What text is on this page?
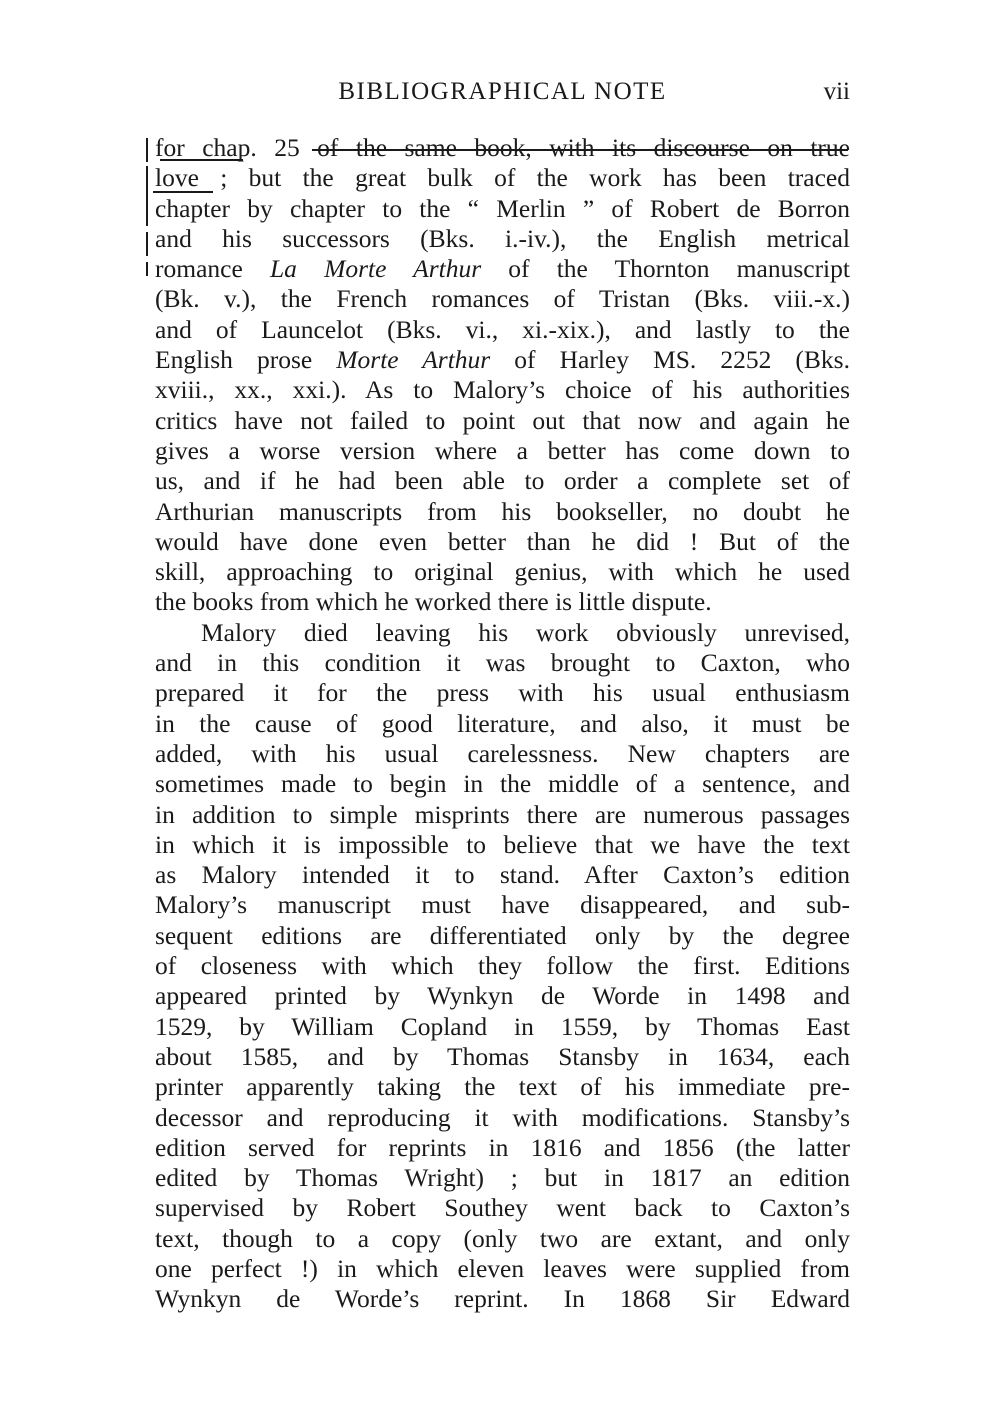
BIBLIOGRAPHICAL NOTE	vii
for chap. 25 of the same book, with its discourse on true
love ; but the great bulk of the work has been traced
chapter by chapter to the “ Merlin ” of Robert de Borron
and his successors (Bks. i.-iv.), the English metrical
romance La Morte Arthur of the Thornton manuscript
(Bk. v.), the French romances of Tristan (Bks. viii.-x.)
and of Launcelot (Bks. vi., xi.-xix.), and lastly to the
English prose Morte Arthur of Harley MS. 2252 (Bks.
xviii., xx., xxi.). As to Malory’s choice of his authorities
critics have not failed to point out that now and again he
gives a worse version where a better has come down to
us, and if he had been able to order a complete set of
Arthurian manuscripts from his bookseller, no doubt he
would have done even better than he did ! But of the
skill, approaching to original genius, with which he used
the books from which he worked there is little dispute.
Malory died leaving his work obviously unrevised,
and in this condition it was brought to Caxton, who
prepared it for the press with his usual enthusiasm
in the cause of good literature, and also, it must be
added, with his usual carelessness. New chapters are
sometimes made to begin in the middle of a sentence, and
in addition to simple misprints there are numerous passages
in which it is impossible to believe that we have the text
as Malory intended it to stand. After Caxton’s edition
Malory’s manuscript must have disappeared, and sub-
sequent editions are differentiated only by the degree
of closeness with which they follow the first. Editions
appeared printed by Wynkyn de Worde in 1498 and
1529, by William Copland in 1559, by Thomas East
about 1585, and by Thomas Stansby in 1634, each
printer apparently taking the text of his immediate pre-
decessor and reproducing it with modifications. Stansby’s
edition served for reprints in 1816 and 1856 (the latter
edited by Thomas Wright) ; but in 1817 an edition
supervised by Robert Southey went back to Caxton’s
text, though to a copy (only two are extant, and only
one perfect !) in which eleven leaves were supplied from
Wynkyn de Worde’s reprint. In 1868 Sir Edward
